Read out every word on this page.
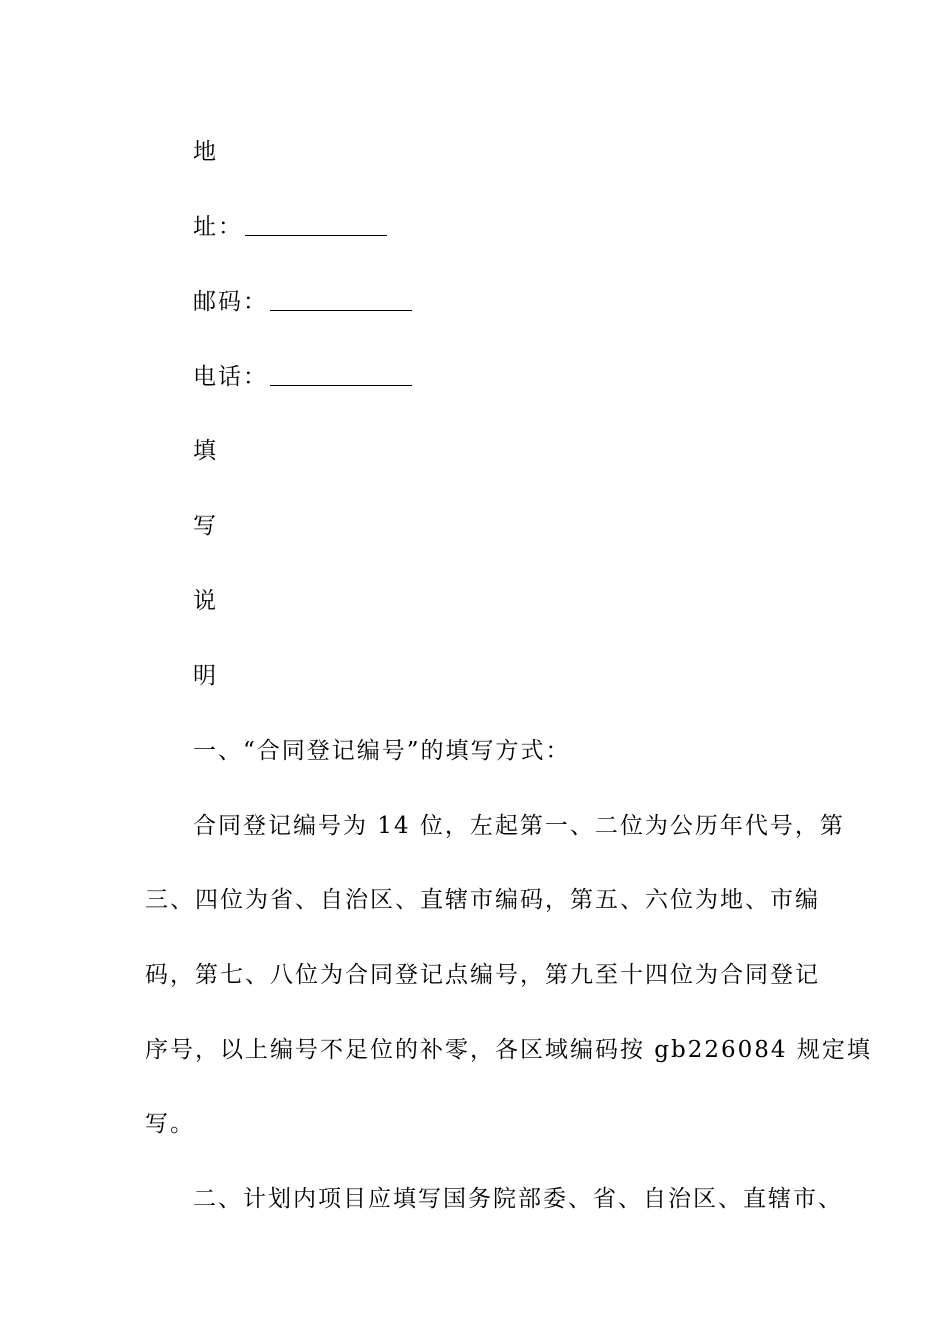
地
址：
邮码：
电话：
填
写
说
明
一、“合同登记编号”的填写方式：
合同登记编号为 14 位，左起第一、二位为公历年代号，第
三、四位为省、自治区、直辖市编码，第五、六位为地、市编
码，第七、八位为合同登记点编号，第九至十四位为合同登记
序号，以上编号不足位的补零，各区域编码按 gb226084 规定填
写。
二、计划内项目应填写国务院部委、省、自治区、直辖市、
